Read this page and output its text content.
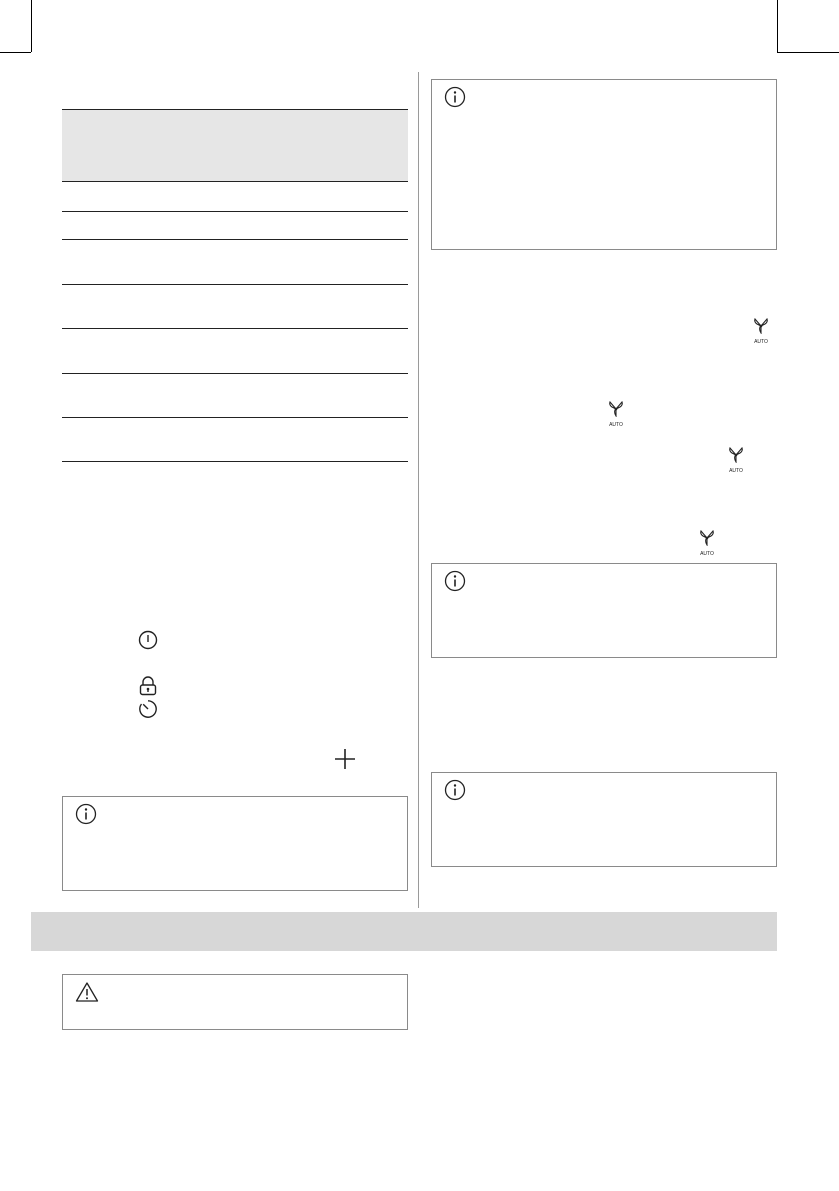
AUTO
AUTO
AUTO
AUTO
